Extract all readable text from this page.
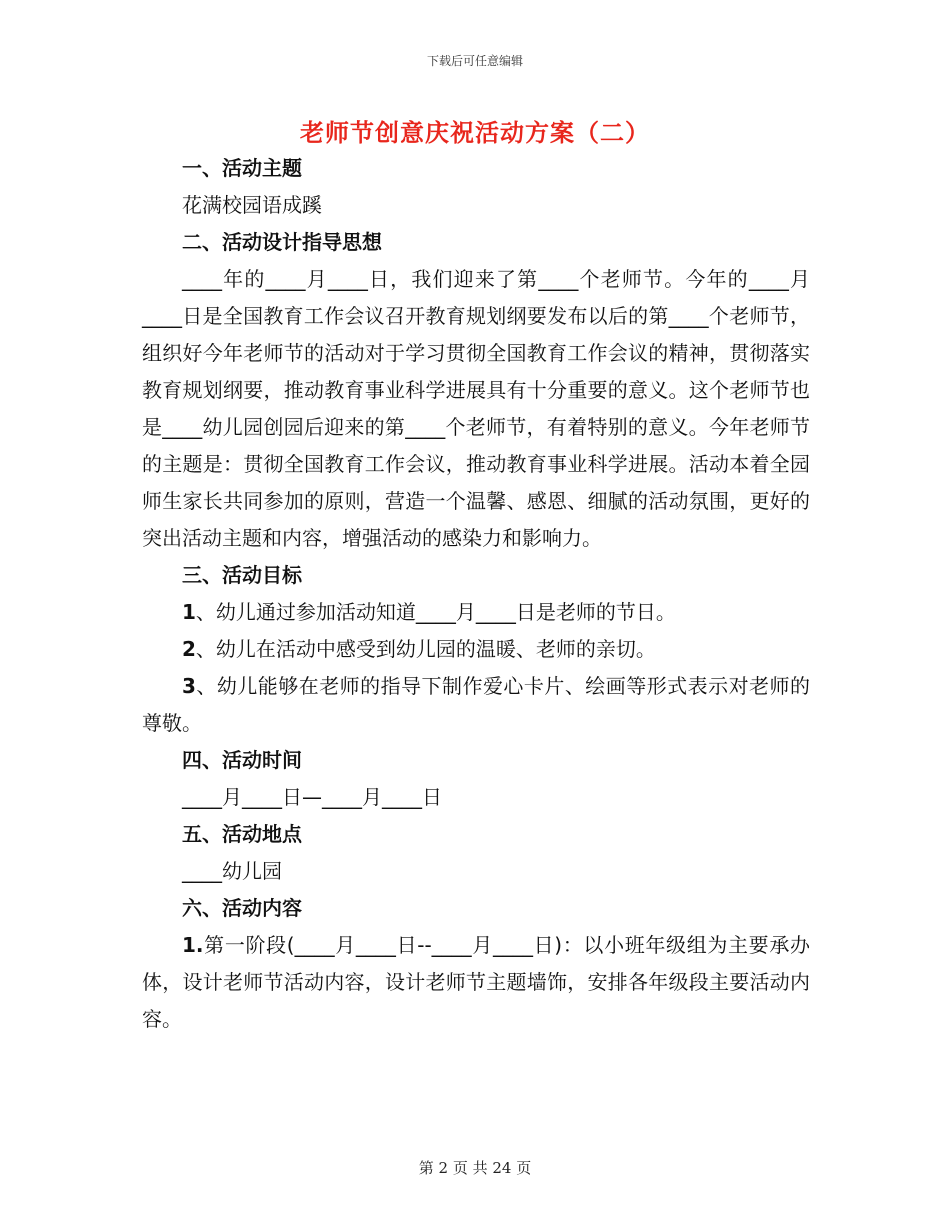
下载后可任意编辑
老师节创意庆祝活动方案（二）

一、活动主题

花满校园语成蹊

二、活动设计指导思想

____年的____月____日，我们迎来了第____个老师节。今年的____月____日是全国教育工作会议召开教育规划纲要发布以后的第____个老师节，组织好今年老师节的活动对于学习贯彻全国教育工作会议的精神，贯彻落实教育规划纲要，推动教育事业科学进展具有十分重要的意义。这个老师节也是____幼儿园创园后迎来的第____个老师节，有着特别的意义。今年老师节的主题是：贯彻全国教育工作会议，推动教育事业科学进展。活动本着全园师生家长共同参加的原则，营造一个温馨、感恩、细腻的活动氛围，更好的突出活动主题和内容，增强活动的感染力和影响力。

三、活动目标

1、幼儿通过参加活动知道____月____日是老师的节日。

2、幼儿在活动中感受到幼儿园的温暖、老师的亲切。

3、幼儿能够在老师的指导下制作爱心卡片、绘画等形式表示对老师的尊敬。

四、活动时间

____月____日—____月____日

五、活动地点

____幼儿园

六、活动内容

1.第一阶段(____月____日--____月____日)：以小班年级组为主要承办体，设计老师节活动内容，设计老师节主题墙饰，安排各年级段主要活动内容。

第 2 页 共 24 页
